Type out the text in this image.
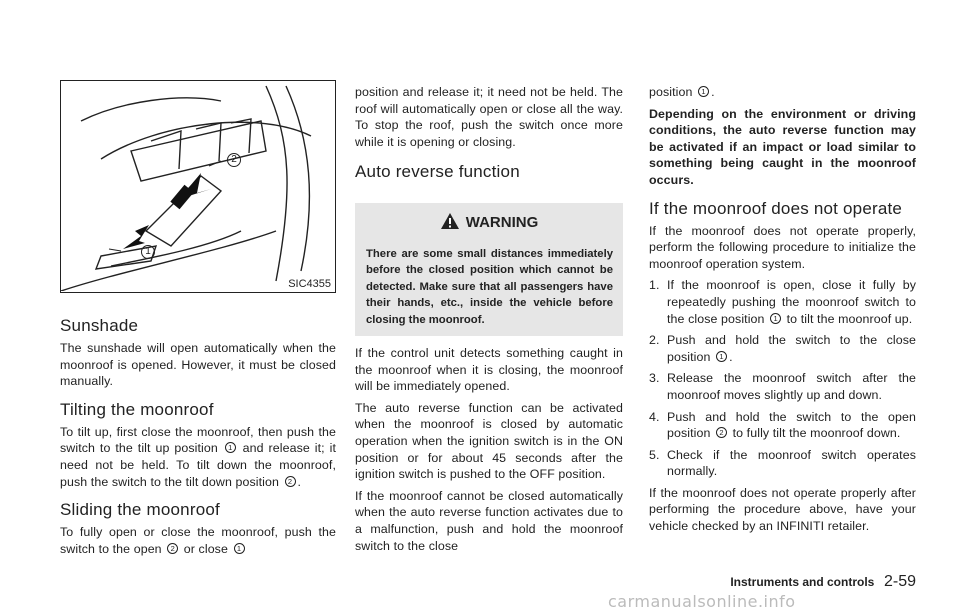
2
1
SIC4355
Sunshade

The sunshade will open automatically when the moonroof is opened. However, it must be closed manually.

Tilting the moonroof

To tilt up, first close the moonroof, then push the switch to the tilt up position 1 and release it; it need not be held. To tilt down the moonroof, push the switch to the tilt down position 2 .

Sliding the moonroof

To fully open or close the moonroof, push the switch to the open 2 or close 1

position and release it; it need not be held. The roof will automatically open or close all the way. To stop the roof, push the switch once more while it is opening or closing.

Auto reverse function
WARNING
There are some small distances immediately before the closed position which cannot be detected. Make sure that all passengers have their hands, etc., inside the vehicle before closing the moonroof.

If the control unit detects something caught in the moonroof when it is closing, the moonroof will be immediately opened.

The auto reverse function can be activated when the moonroof is closed by automatic operation when the ignition switch is in the ON position or for about 45 seconds after the ignition switch is pushed to the OFF position.

If the moonroof cannot be closed automatically when the auto reverse function activates due to a malfunction, push and hold the moonroof switch to the close

position 1 .

Depending on the environment or driving conditions, the auto reverse function may be activated if an impact or load similar to something being caught in the moonroof occurs.

If the moonroof does not operate

If the moonroof does not operate properly, perform the following procedure to initialize the moonroof operation system.

1. If the moonroof is open, close it fully by repeatedly pushing the moonroof switch to the close position 1 to tilt the moonroof up.
2. Push and hold the switch to the close position 1 .
3. Release the moonroof switch after the moonroof moves slightly up and down.
4. Push and hold the switch to the open position 2 to fully tilt the moonroof down.
5. Check if the moonroof switch operates normally.

If the moonroof does not operate properly after performing the procedure above, have your vehicle checked by an INFINITI retailer.

Instruments and controls 2-59
carmanualsonline.info
